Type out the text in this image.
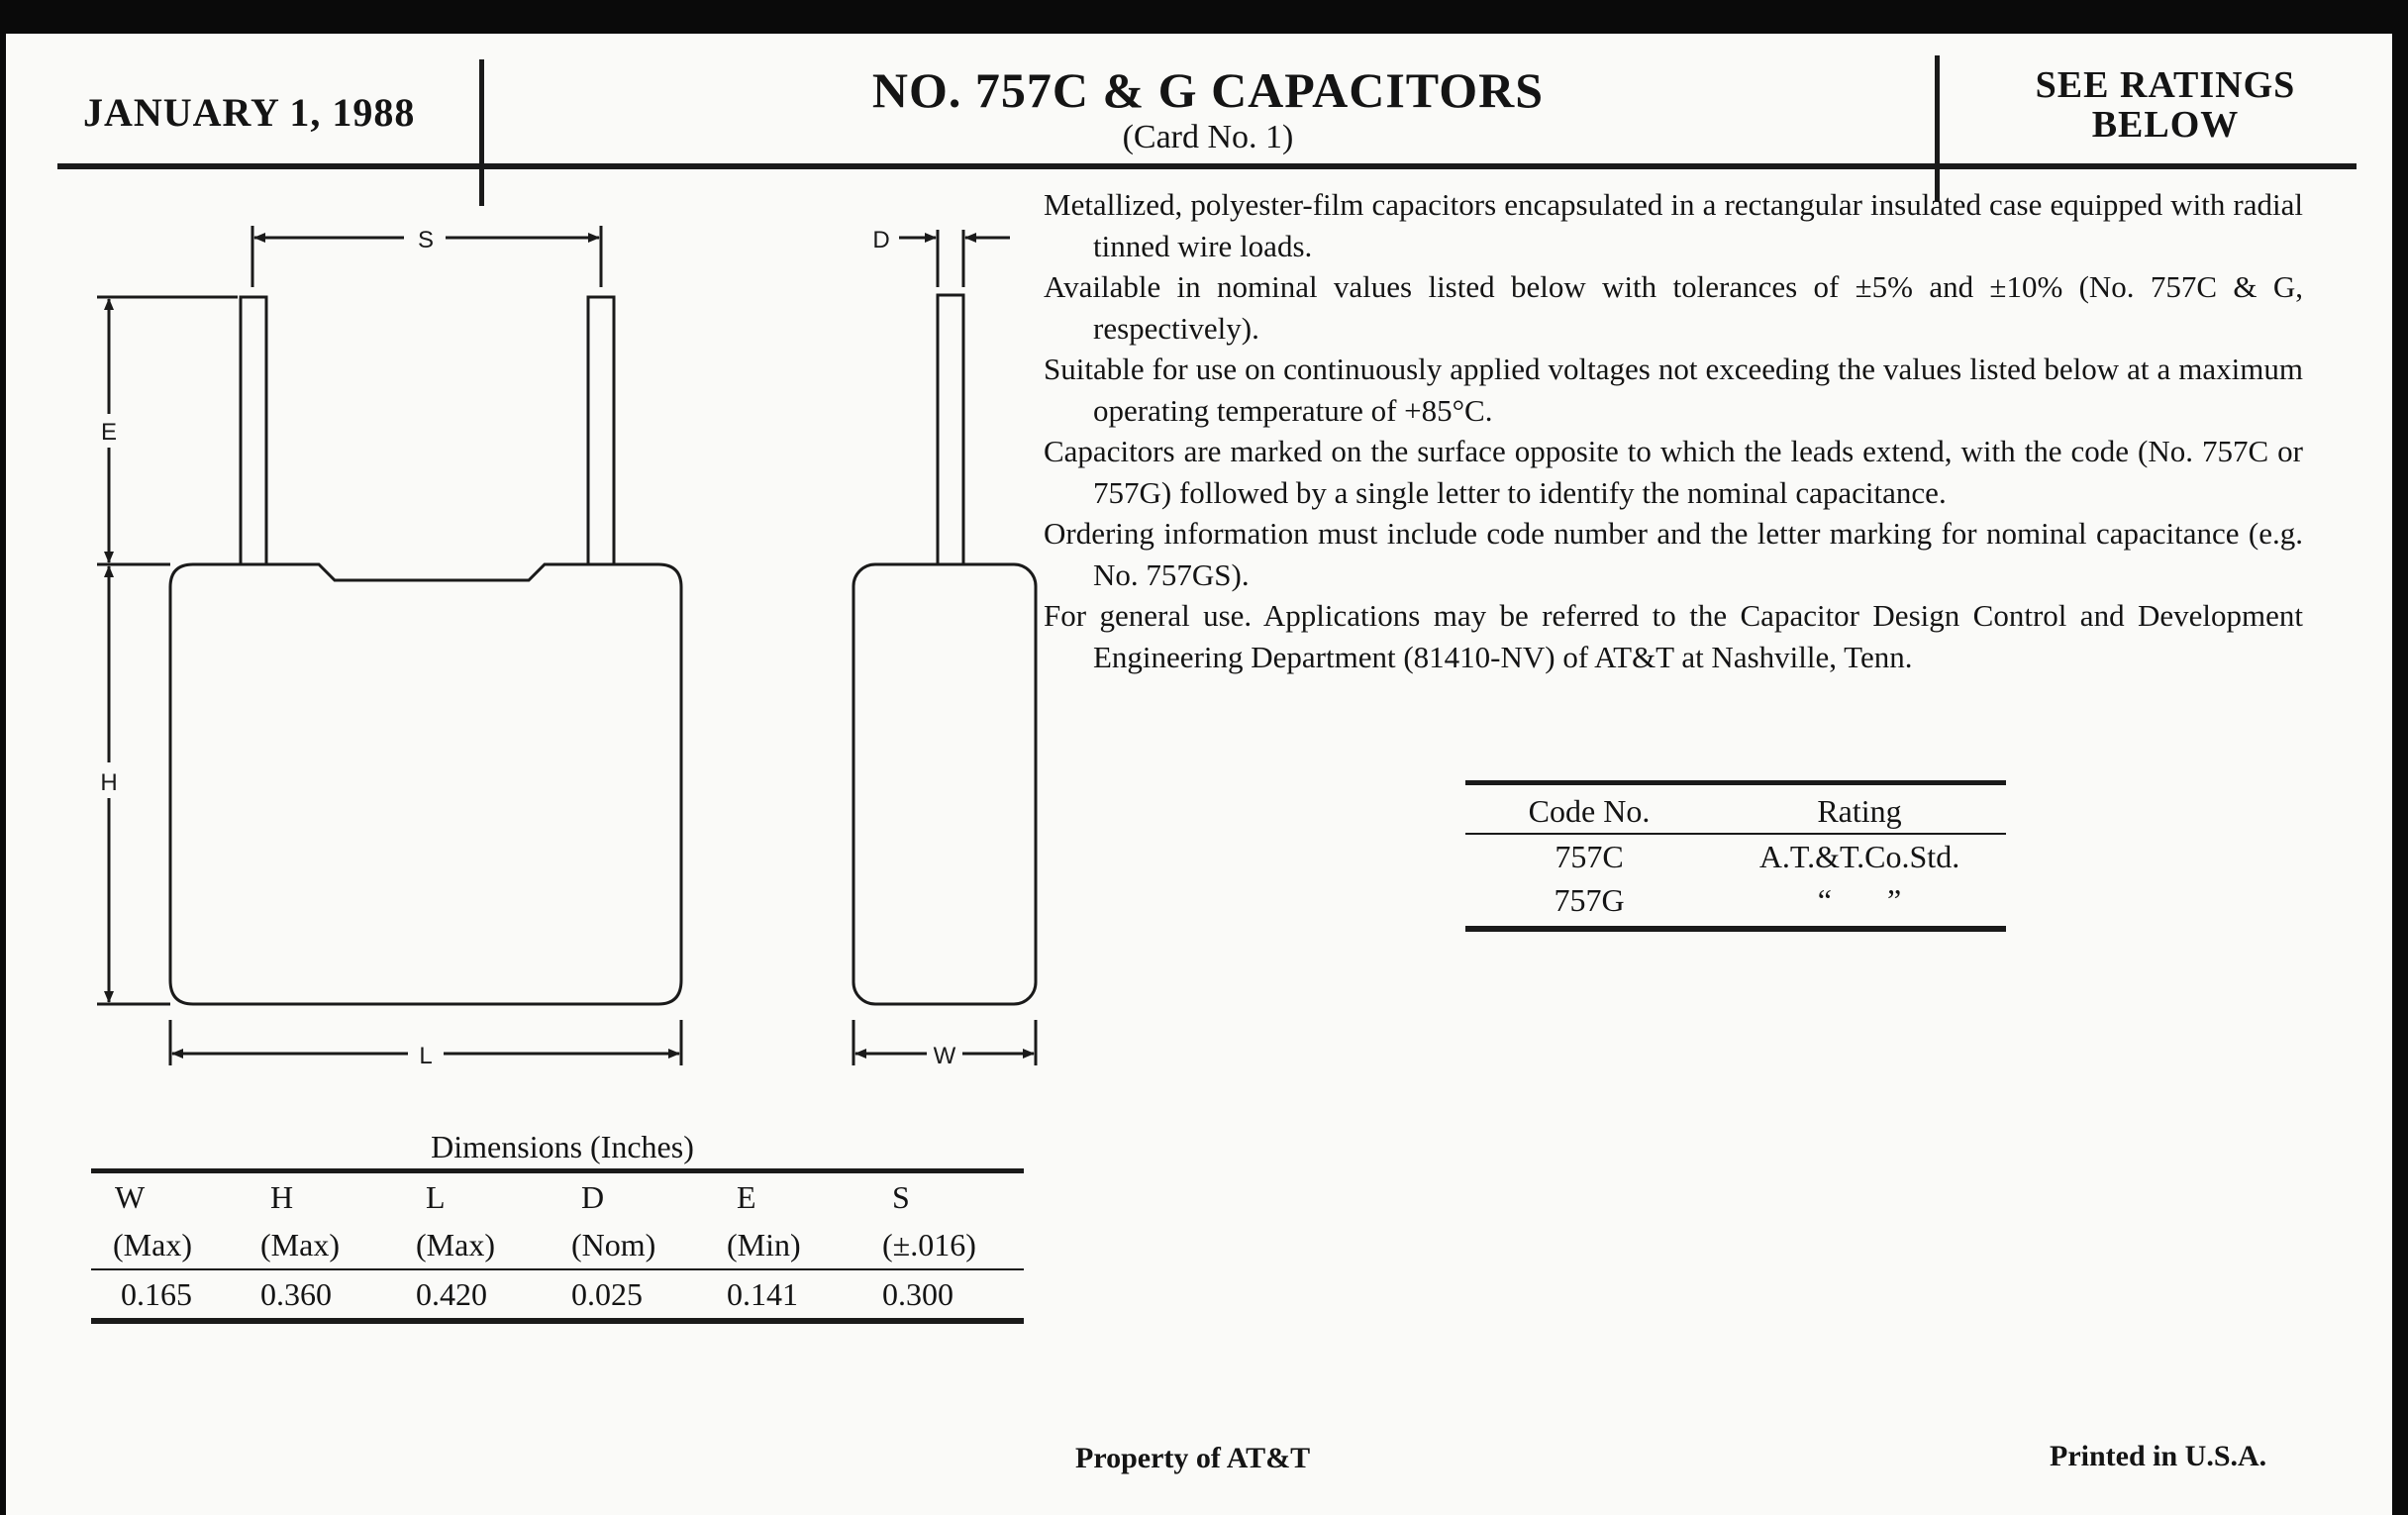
JANUARY 1, 1988	NO. 757C & G CAPACITORS
(Card No. 1)
SEE RATINGS
BELOW
S
E
H
L
D
W

Metallized, polyester-film capacitors encapsulated in a rectangular insulated case equipped with radial tinned wire loads.

Available in nominal values listed below with tolerances of ±5% and ±10% (No. 757C & G, respectively).

Suitable for use on continuously applied voltages not exceeding the values listed below at a maximum operating temperature of +85°C.

Capacitors are marked on the surface opposite to which the leads extend, with the code (No. 757C or 757G) followed by a single letter to identify the nominal capacitance.

Ordering information must include code number and the letter marking for nominal capacitance (e.g. No. 757GS).

For general use. Applications may be referred to the Capacitor Design Control and Development Engineering Department (81410-NV) of AT&T at Nashville, Tenn.

Code No.	Rating
757C	A.T.&T.Co.Std.
757G	“       ”
Dimensions (Inches)
W	H	L	D	E	S
(Max)	(Max)	(Max)	(Nom)	(Min)	(±.016)
0.165	0.360	0.420	0.025	0.141	0.300
Property of AT&T	Printed in U.S.A.
